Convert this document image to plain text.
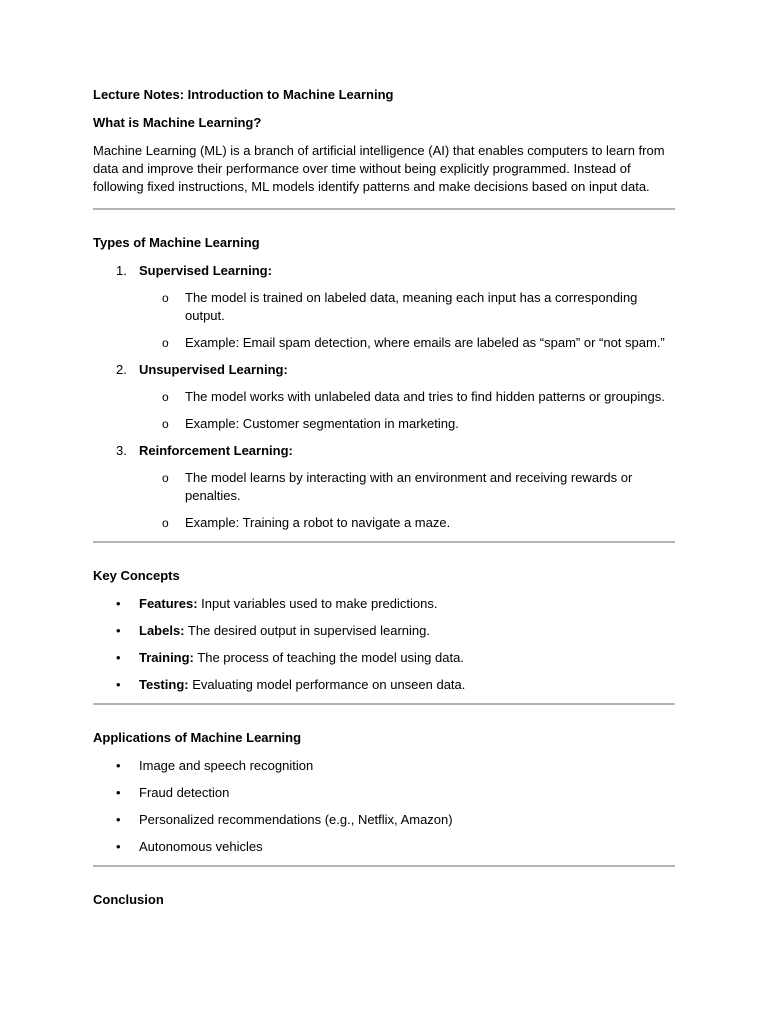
Lecture Notes: Introduction to Machine Learning
What is Machine Learning?

Machine Learning (ML) is a branch of artificial intelligence (AI) that enables computers to learn from data and improve their performance over time without being explicitly programmed. Instead of following fixed instructions, ML models identify patterns and make decisions based on input data.

Types of Machine Learning
1. Supervised Learning:
o The model is trained on labeled data, meaning each input has a corresponding output.
o Example: Email spam detection, where emails are labeled as “spam” or “not spam.”
2. Unsupervised Learning:
o The model works with unlabeled data and tries to find hidden patterns or groupings.
o Example: Customer segmentation in marketing.
3. Reinforcement Learning:
o The model learns by interacting with an environment and receiving rewards or penalties.
o Example: Training a robot to navigate a maze.
Key Concepts
• Features: Input variables used to make predictions.
• Labels: The desired output in supervised learning.
• Training: The process of teaching the model using data.
• Testing: Evaluating model performance on unseen data.
Applications of Machine Learning
• Image and speech recognition
• Fraud detection
• Personalized recommendations (e.g., Netflix, Amazon)
• Autonomous vehicles
Conclusion
